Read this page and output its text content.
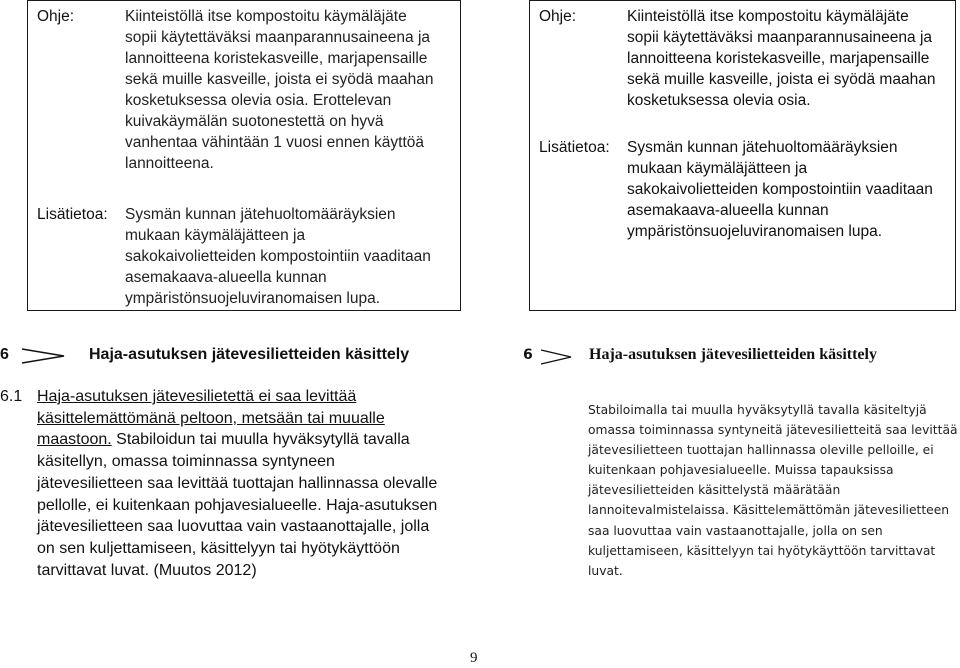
Ohje:	Kiinteistöllä itse kompostoitu käymäläjäte
sopii käytettäväksi maanparannusaineena ja
lannoitteena koristekasveille, marjapensaille
sekä muille kasveille, joista ei syödä maahan
kosketuksessa olevia osia. Erottelevan
kuivakäymälän suotonestettä on hyvä
vanhentaa vähintään 1 vuosi ennen käyttöä
lannoitteena.
Lisätietoa: Sysmän kunnan jätehuoltomääräyksien
mukaan käymäläjätteen ja
sakokaivolietteiden kompostointiin vaaditaan
asemakaava-alueella kunnan
ympäristönsuojeluviranomaisen lupa.
Ohje:	Kiinteistöllä itse kompostoitu käymäläjäte
sopii käytettäväksi maanparannusaineena ja
lannoitteena koristekasveille, marjapensaille
sekä muille kasveille, joista ei syödä maahan
kosketuksessa olevia osia.
Lisätietoa: Sysmän kunnan jätehuoltomääräyksien
mukaan käymäläjätteen ja
sakokaivolietteiden kompostointiin vaaditaan
asemakaava-alueella kunnan
ympäristönsuojeluviranomaisen lupa.
6	Haja-asutuksen jätevesilietteiden käsittely	6	Haja-asutuksen jätevesilietteiden käsittely
6.1 Haja-asutuksen jätevesilietettä ei saa levittää
käsittelemättömänä peltoon, metsään tai muualle
maastoon. Stabiloidun tai muulla hyväksytyllä tavalla
käsitellyn, omassa toiminnassa syntyneen
jätevesilietteen saa levittää tuottajan hallinnassa olevalle
pellolle, ei kuitenkaan pohjavesialueelle. Haja-asutuksen
jätevesilietteen saa luovuttaa vain vastaanottajalle, jolla
on sen kuljettamiseen, käsittelyyn tai hyötykäyttöön
tarvittavat luvat. (Muutos 2012)
Stabiloimalla tai muulla hyväksytyllä tavalla käsiteltyjä
omassa toiminnassa syntyneitä jätevesilietteitä saa levittää
jätevesilietteen tuottajan hallinnassa oleville pelloille, ei
kuitenkaan pohjavesialueelle. Muissa tapauksissa
jätevesilietteiden käsittelystä määrätään
lannoitevalmistelaissa. Käsittelemättömän jätevesilietteen
saa luovuttaa vain vastaanottajalle, jolla on sen
kuljettamiseen, käsittelyyn tai hyötykäyttöön tarvittavat
luvat.
9
